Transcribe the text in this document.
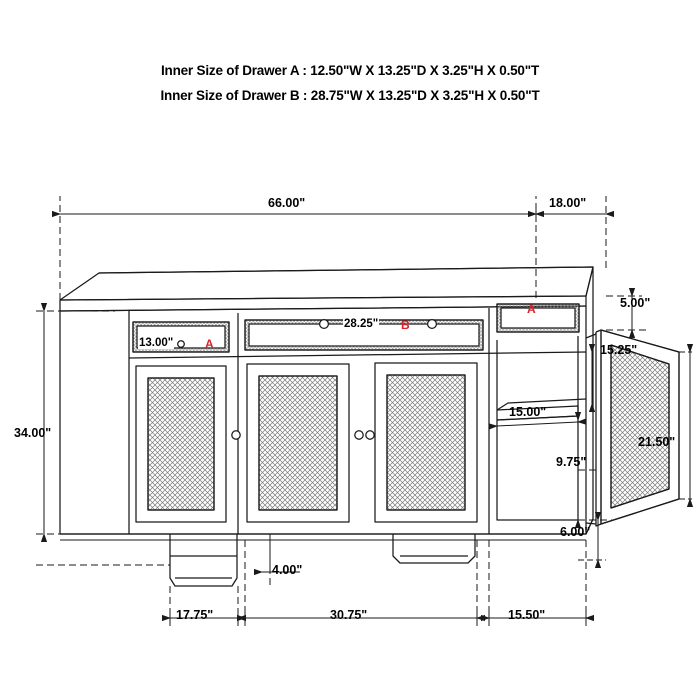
Inner Size of Drawer A : 12.50"W X 13.25"D X 3.25"H X 0.50"T
Inner Size of Drawer B : 28.75"W X 13.25"D X 3.25"H X 0.50"T
66.00"	18.00"
34.00"
5.00"
15.25"
21.50"
15.00"
9.75"
6.00"
4.00"
17.75"	30.75"	15.50"
13.00"
28.25"
A
B
A
